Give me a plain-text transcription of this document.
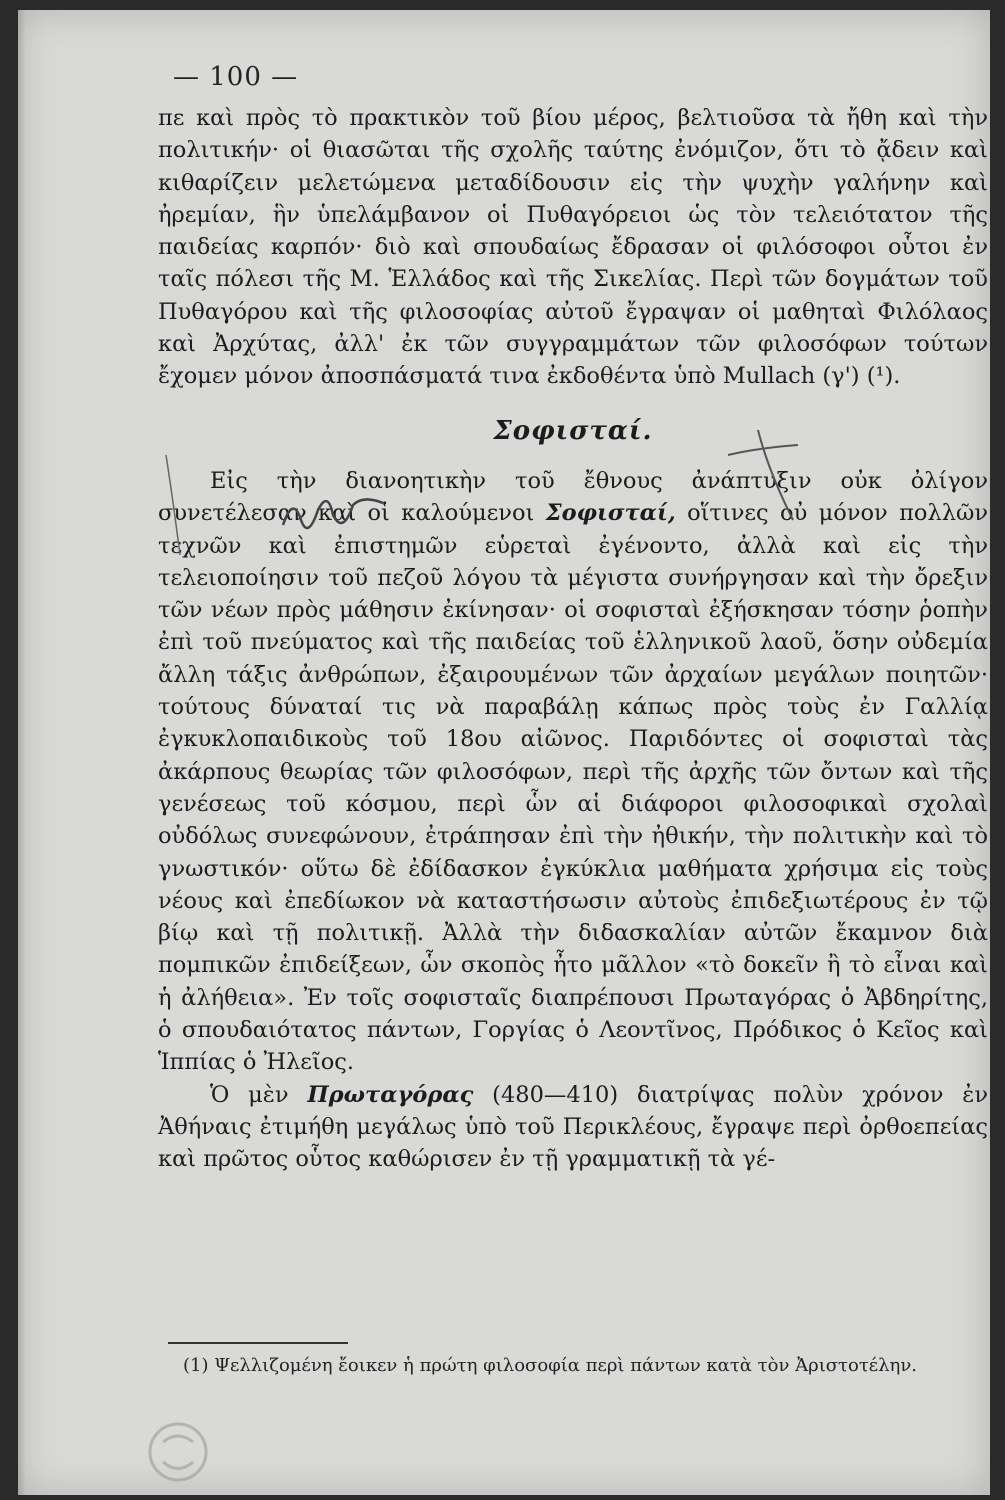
— 100 —

πε καὶ πρὸς τὸ πρακτικὸν τοῦ βίου μέρος, βελτιοῦσα τὰ ἤθη καὶ τὴν πολιτικήν· οἱ θιασῶται τῆς σχολῆς ταύτης ἐνόμιζον, ὅτι τὸ ᾄδειν καὶ κιθαρίζειν μελετώμενα μεταδίδουσιν εἰς τὴν ψυχὴν γαλήνην καὶ ἠρεμίαν, ἣν ὑπελάμβανον οἱ Πυθαγόρειοι ὡς τὸν τελειότατον τῆς παιδείας καρπόν· διὸ καὶ σπουδαίως ἔδρασαν οἱ φιλόσοφοι οὗτοι ἐν ταῖς πόλεσι τῆς Μ. Ἑλλάδος καὶ τῆς Σικελίας. Περὶ τῶν δογμάτων τοῦ Πυθαγόρου καὶ τῆς φιλοσοφίας αὐτοῦ ἔγραψαν οἱ μαθηταὶ Φιλόλαος καὶ Ἀρχύτας, ἀλλ' ἐκ τῶν συγγραμμάτων τῶν φιλοσόφων τούτων ἔχομεν μόνον ἀποσπάσματά τινα ἐκδοθέντα ὑπὸ Mullach (γ') (¹).

Σοφισταί.

Εἰς τὴν διανοητικὴν τοῦ ἔθνους ἀνάπτυξιν οὐκ ὀλίγον συνετέλεσαν καὶ οἱ καλούμενοι Σοφισταί, οἵτινες οὐ μόνον πολλῶν τεχνῶν καὶ ἐπιστημῶν εὑρεταὶ ἐγένοντο, ἀλλὰ καὶ εἰς τὴν τελειοποίησιν τοῦ πεζοῦ λόγου τὰ μέγιστα συνήργησαν καὶ τὴν ὄρεξιν τῶν νέων πρὸς μάθησιν ἐκίνησαν· οἱ σοφισταὶ ἐξήσκησαν τόσην ῥοπὴν ἐπὶ τοῦ πνεύματος καὶ τῆς παιδείας τοῦ ἑλληνικοῦ λαοῦ, ὅσην οὐδεμία ἄλλη τάξις ἀνθρώπων, ἐξαιρουμένων τῶν ἀρχαίων μεγάλων ποιητῶν· τούτους δύναταί τις νὰ παραβάλῃ κάπως πρὸς τοὺς ἐν Γαλλίᾳ ἐγκυκλοπαιδικοὺς τοῦ 18ου αἰῶνος. Παριδόντες οἱ σοφισταὶ τὰς ἀκάρπους θεωρίας τῶν φιλοσόφων, περὶ τῆς ἀρχῆς τῶν ὄντων καὶ τῆς γενέσεως τοῦ κόσμου, περὶ ὧν αἱ διάφοροι φιλοσοφικαὶ σχολαὶ οὐδόλως συνεφώνουν, ἐτράπησαν ἐπὶ τὴν ἠθικήν, τὴν πολιτικὴν καὶ τὸ γνωστικόν· οὕτω δὲ ἐδίδασκον ἐγκύκλια μαθήματα χρήσιμα εἰς τοὺς νέους καὶ ἐπεδίωκον νὰ καταστήσωσιν αὐτοὺς ἐπιδεξιωτέρους ἐν τῷ βίῳ καὶ τῇ πολιτικῇ. Ἀλλὰ τὴν διδασκαλίαν αὐτῶν ἔκαμνον διὰ πομπικῶν ἐπιδείξεων, ὧν σκοπὸς ἦτο μᾶλλον «τὸ δοκεῖν ἢ τὸ εἶναι καὶ ἡ ἀλήθεια». Ἐν τοῖς σοφισταῖς διαπρέπουσι Πρωταγόρας ὁ Ἀβδηρίτης, ὁ σπουδαιότατος πάντων, Γοργίας ὁ Λεοντῖνος, Πρόδικος ὁ Κεῖος καὶ Ἱππίας ὁ Ἠλεῖος.

Ὁ μὲν Πρωταγόρας (480—410) διατρίψας πολὺν χρόνον ἐν Ἀθήναις ἐτιμήθη μεγάλως ὑπὸ τοῦ Περικλέους, ἔγραψε περὶ ὀρθοεπείας καὶ πρῶτος οὗτος καθώρισεν ἐν τῇ γραμματικῇ τὰ γέ-

(1) Ψελλιζομένη ἔοικεν ἡ πρώτη φιλοσοφία περὶ πάντων κατὰ τὸν Ἀριστοτέλην.
